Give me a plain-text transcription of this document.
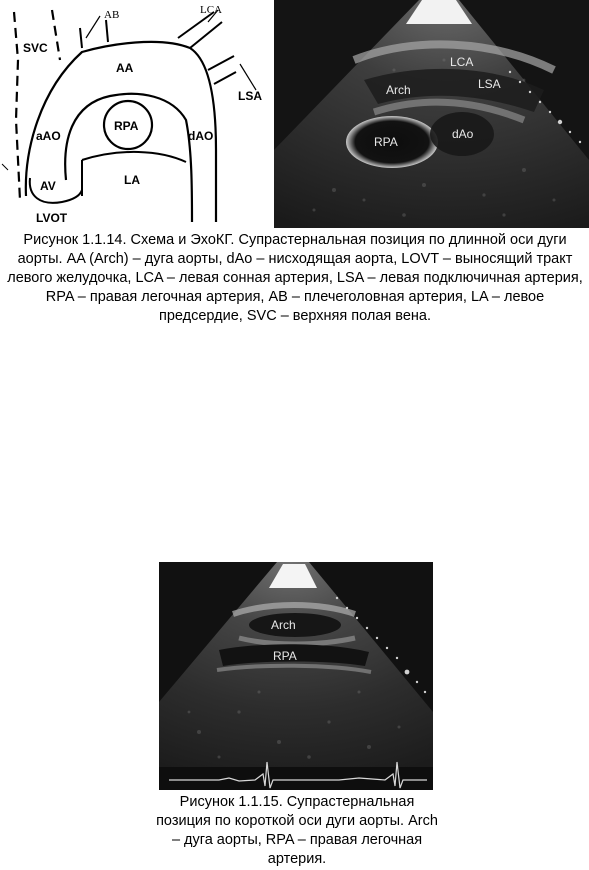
SVC
AB	LCA
AA
LSA
RPA
aAO	dAO
LA
AV
LVOT
LCA
LSA
Arch
RPA
dAo
Рисунок 1.1.14. Схема и ЭхоКГ. Супрастернальная позиция по длинной оси дуги аорты. AA (Arch) – дуга аорты, dAo – нисходящая аорта, LOVT – выносящий тракт левого желудочка, LCA – левая сонная артерия, LSA – левая подключичная артерия, RPA – правая легочная артерия, AB – плечеголовная артерия, LA – левое предсердие, SVC – верхняя полая вена.
Arch
RPA
Рисунок 1.1.15. Супрастернальная позиция по короткой оси дуги аорты. Arch – дуга аорты, RPA – правая легочная артерия.
